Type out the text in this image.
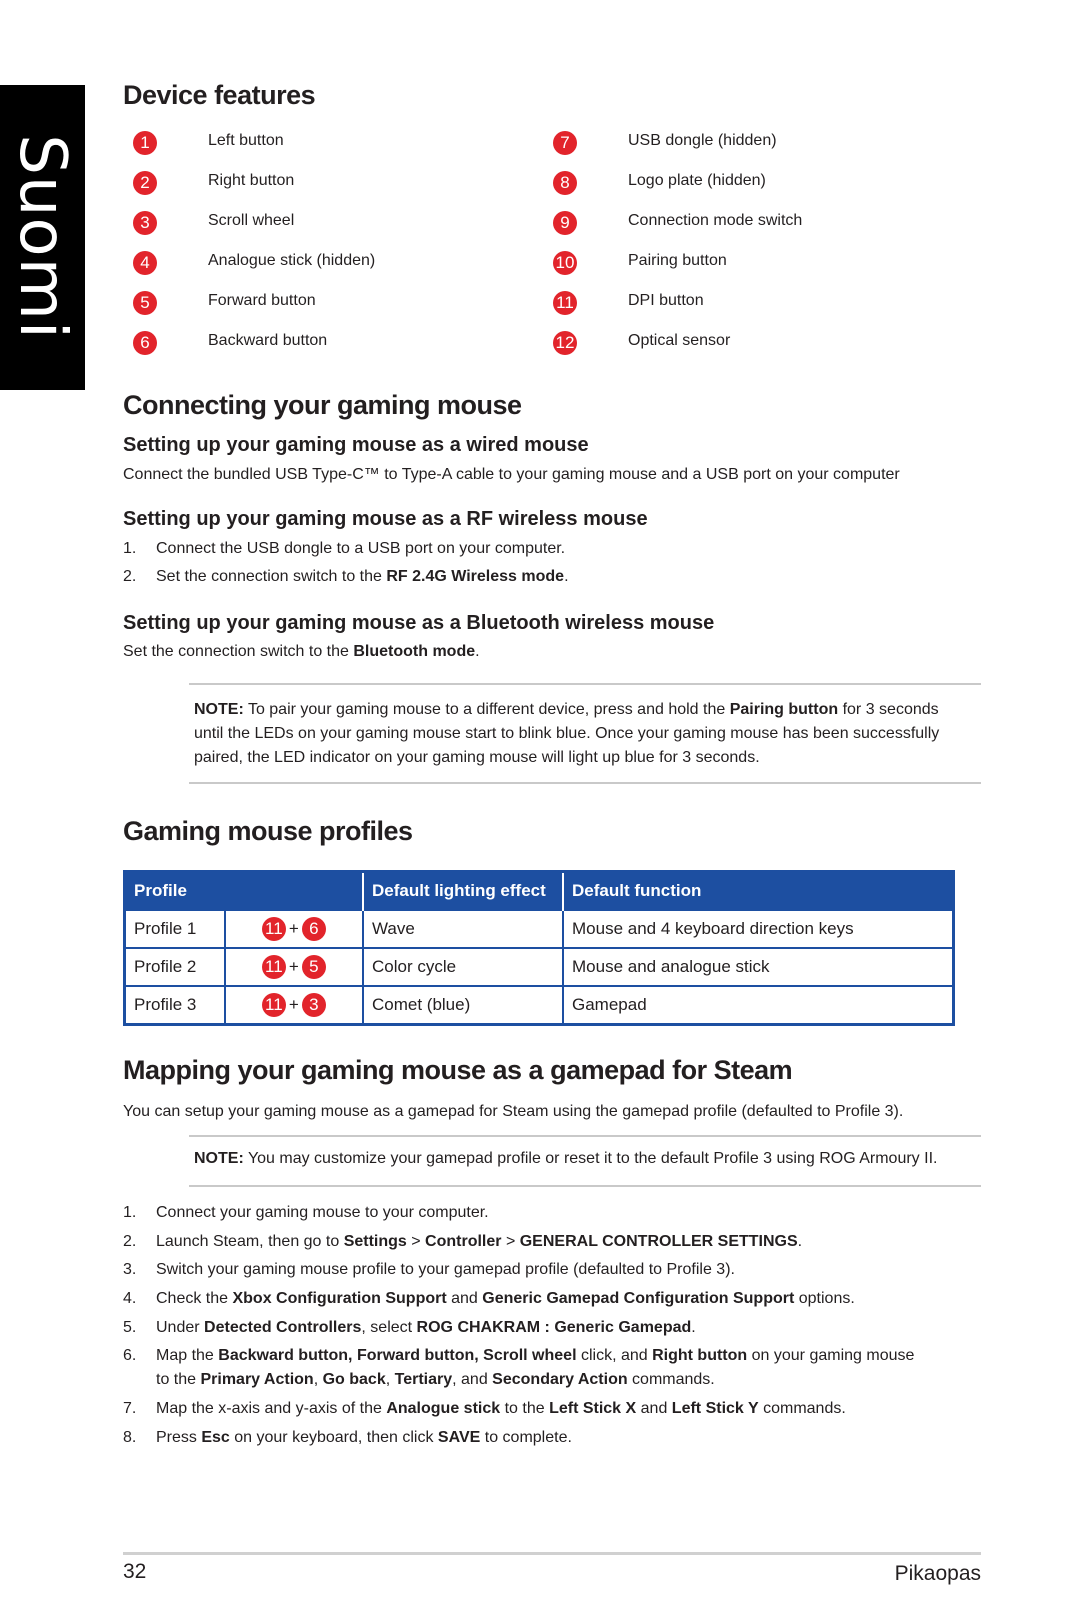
Suomi
Device features
1	Left button
2	Right button
3	Scroll wheel
4	Analogue stick (hidden)
5	Forward button
6	Backward button
7	USB dongle (hidden)
8	Logo plate (hidden)
9	Connection mode switch
10	Pairing button
11	DPI button
12	Optical sensor
Connecting your gaming mouse
Setting up your gaming mouse as a wired mouse
Connect the bundled USB Type-C™ to Type-A cable to your gaming mouse and a USB port on your computer
Setting up your gaming mouse as a RF wireless mouse
1. Connect the USB dongle to a USB port on your computer.
2. Set the connection switch to the RF 2.4G Wireless mode.
Setting up your gaming mouse as a Bluetooth wireless mouse
Set the connection switch to the Bluetooth mode.
NOTE: To pair your gaming mouse to a different device, press and hold the Pairing button for 3 seconds
until the LEDs on your gaming mouse start to blink blue. Once your gaming mouse has been successfully
paired, the LED indicator on your gaming mouse will light up blue for 3 seconds.
Gaming mouse profiles
Profile		Default lighting effect	Default function
Profile 1	11 + 6	Wave	Mouse and 4 keyboard direction keys
Profile 2	11 + 5	Color cycle	Mouse and analogue stick
Profile 3	11 + 3	Comet (blue)	Gamepad
Mapping your gaming mouse as a gamepad for Steam
You can setup your gaming mouse as a gamepad for Steam using the gamepad profile (defaulted to Profile 3).
NOTE: You may customize your gamepad profile or reset it to the default Profile 3 using ROG Armoury II.
1. Connect your gaming mouse to your computer.
2. Launch Steam, then go to Settings > Controller > GENERAL CONTROLLER SETTINGS.
3. Switch your gaming mouse profile to your gamepad profile (defaulted to Profile 3).
4. Check the Xbox Configuration Support and Generic Gamepad Configuration Support options.
5. Under Detected Controllers, select ROG CHAKRAM : Generic Gamepad.
6. Map the Backward button, Forward button, Scroll wheel click, and Right button on your gaming mouse
to the Primary Action, Go back, Tertiary, and Secondary Action commands.
7. Map the x-axis and y-axis of the Analogue stick to the Left Stick X and Left Stick Y commands.
8. Press Esc on your keyboard, then click SAVE to complete.
32	Pikaopas
